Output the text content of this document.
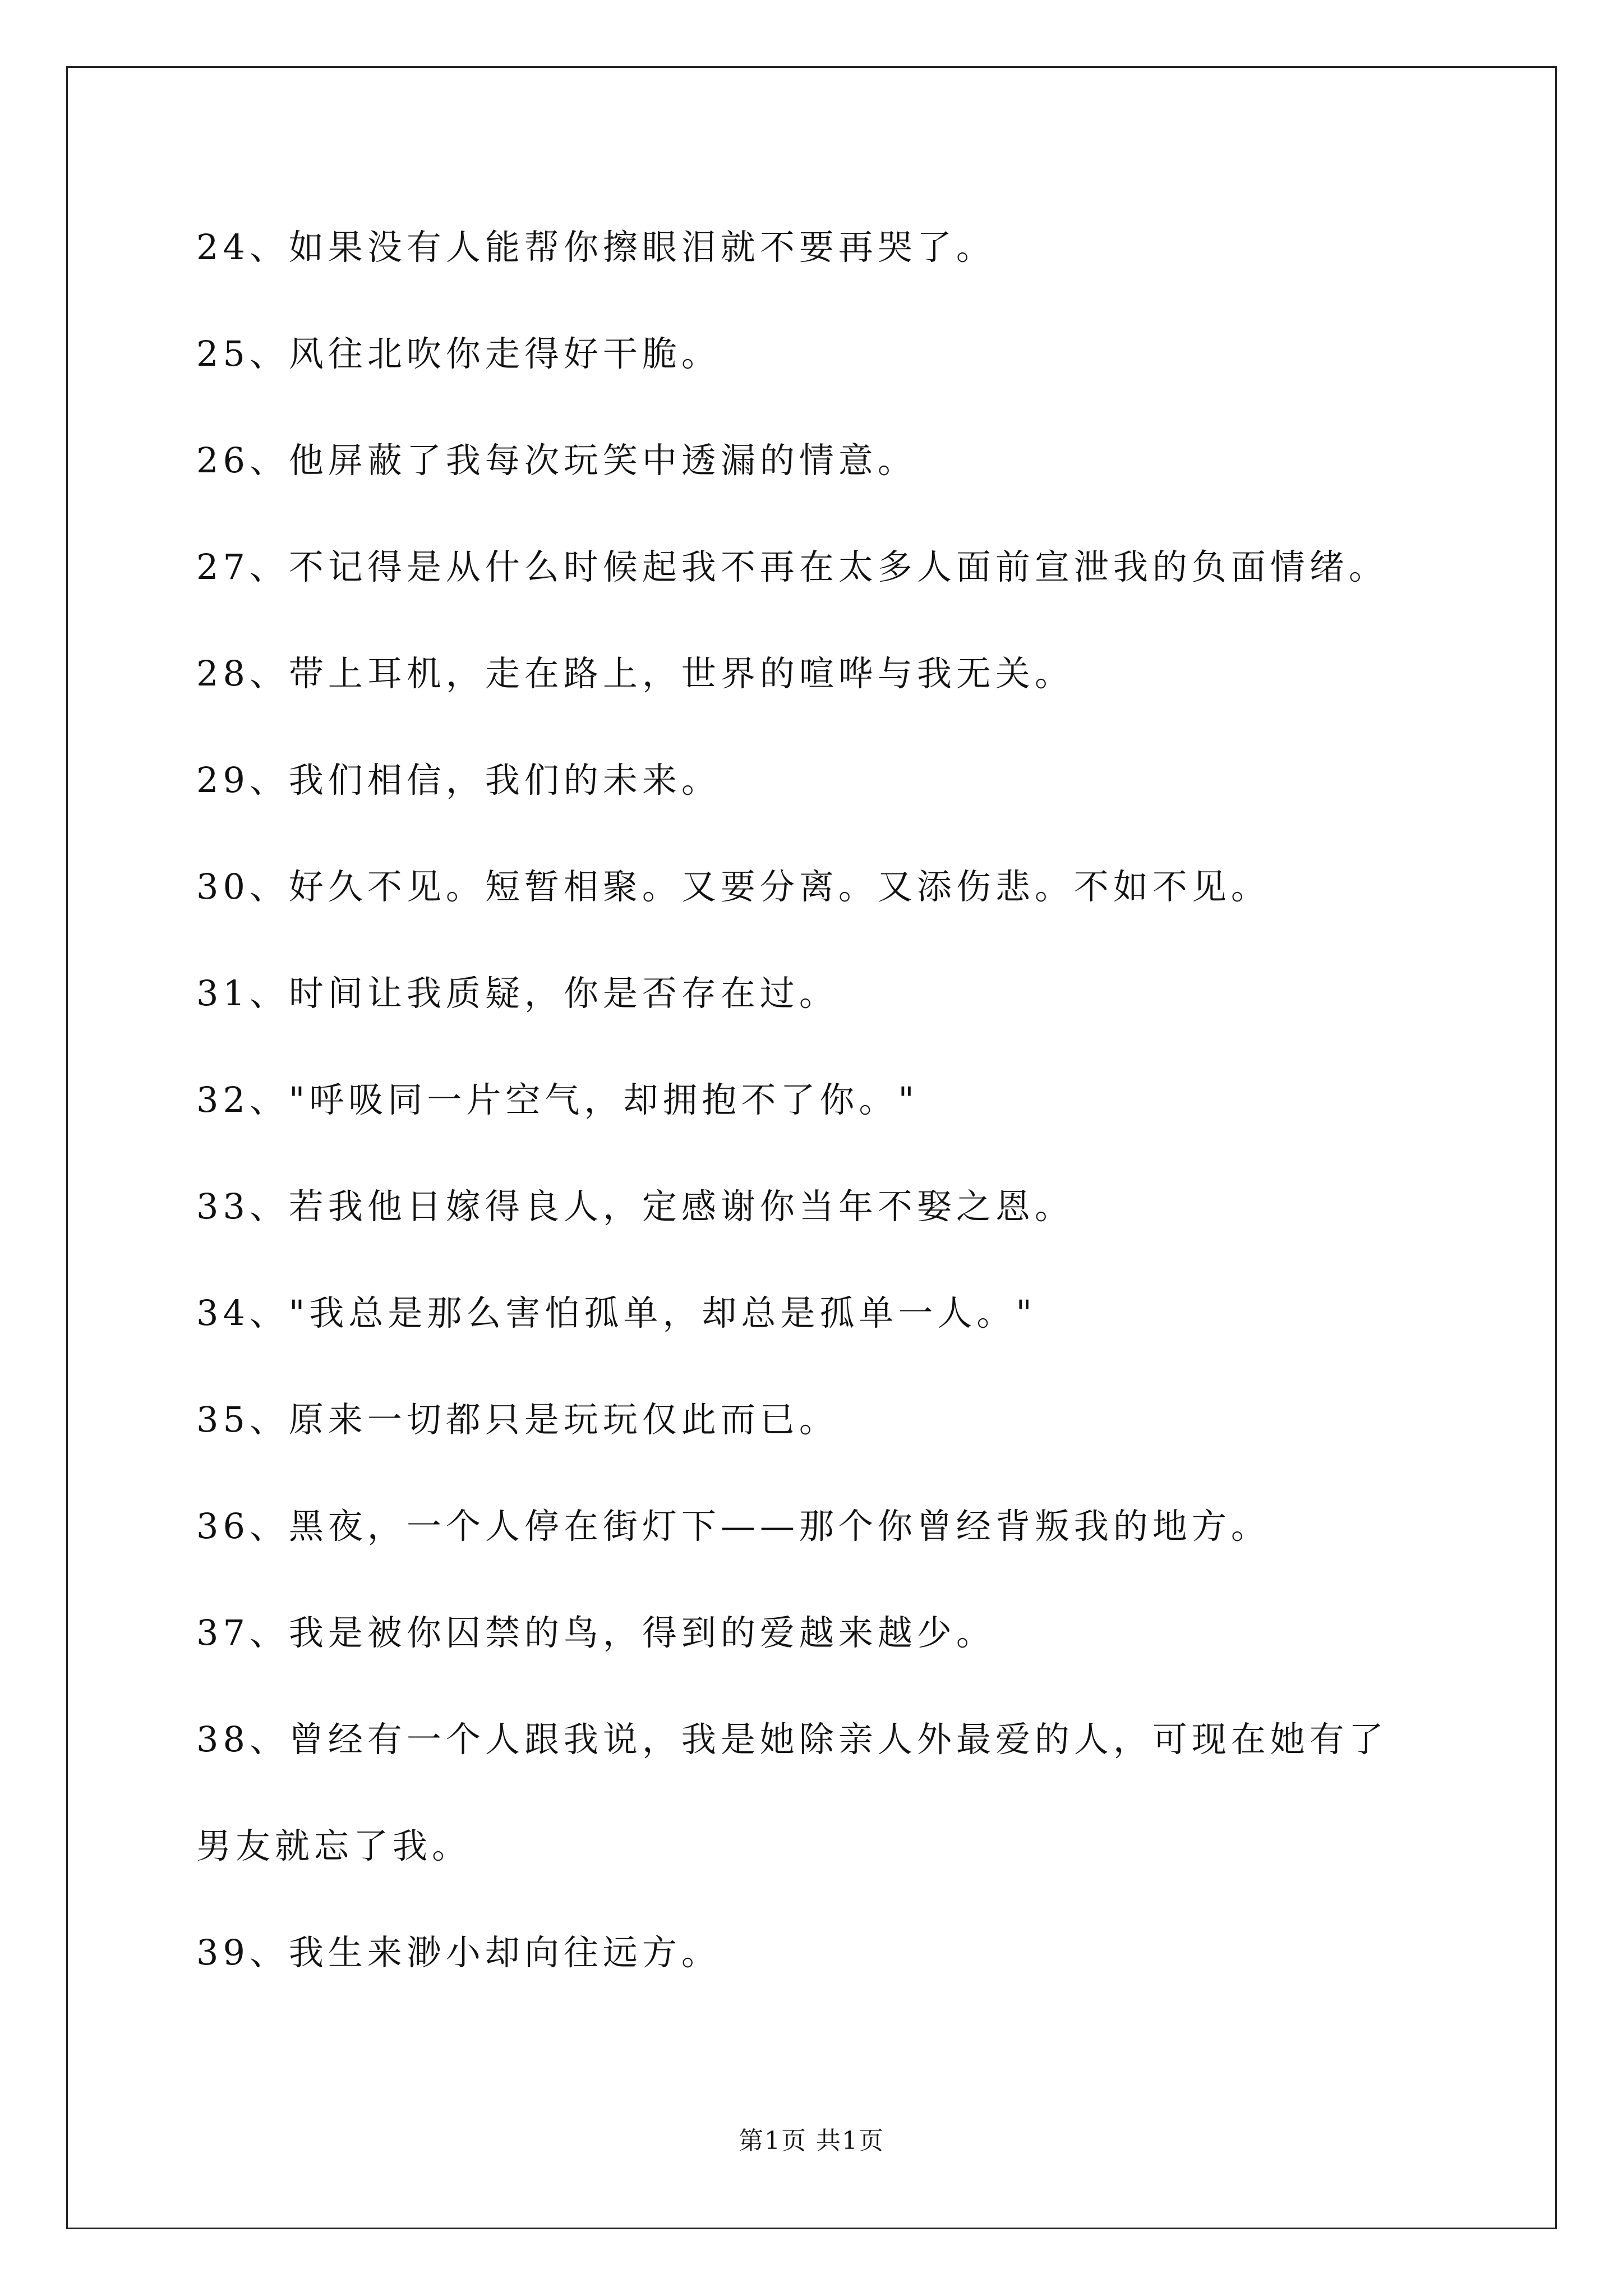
24、如果没有人能帮你擦眼泪就不要再哭了。

25、风往北吹你走得好干脆。

26、他屏蔽了我每次玩笑中透漏的情意。

27、不记得是从什么时候起我不再在太多人面前宣泄我的负面情绪。

28、带上耳机，走在路上，世界的喧哗与我无关。

29、我们相信，我们的未来。

30、好久不见。短暂相聚。又要分离。又添伤悲。不如不见。

31、时间让我质疑，你是否存在过。

32、"呼吸同一片空气，却拥抱不了你。"

33、若我他日嫁得良人，定感谢你当年不娶之恩。

34、"我总是那么害怕孤单，却总是孤单一人。"

35、原来一切都只是玩玩仅此而已。

36、黑夜，一个人停在街灯下——那个你曾经背叛我的地方。

37、我是被你囚禁的鸟，得到的爱越来越少。

38、曾经有一个人跟我说，我是她除亲人外最爱的人，可现在她有了

男友就忘了我。

39、我生来渺小却向往远方。

第1页 共1页
